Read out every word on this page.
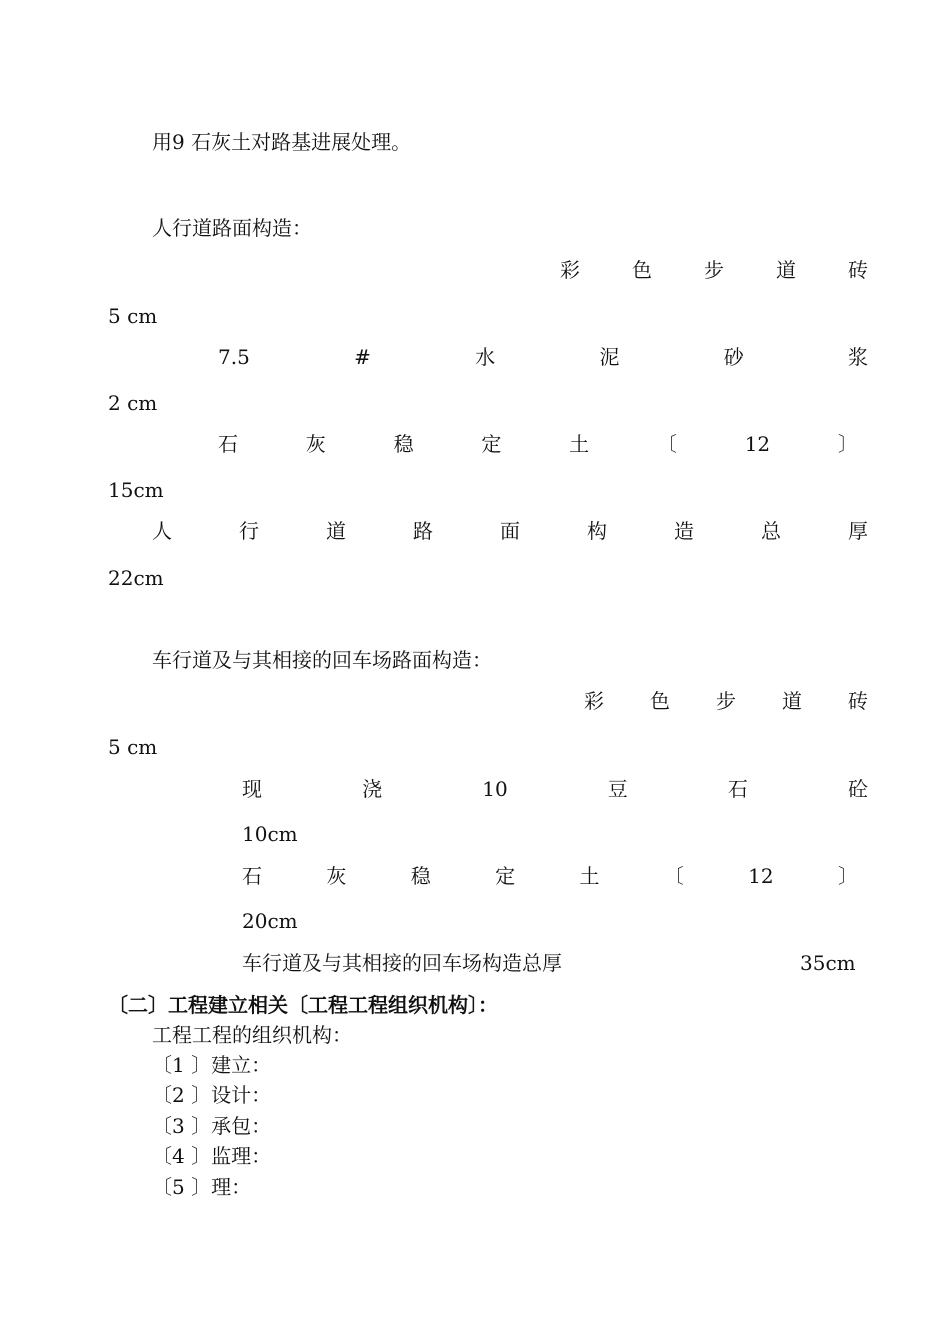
用9 石灰土对路基进展处理。
人行道路面构造：
彩	色	步	道	砖
5 cm
7.5	#	水	泥	砂	浆
2 cm
石	灰	稳	定	土	〔	12	〕
15cm
人	行	道	路	面	构	造	总	厚
22cm
车行道及与其相接的回车场路面构造：
彩 色 步 道 砖
5 cm
现	浇	10	豆	石	砼
10cm
石	灰	稳	定	土	〔	12	〕
20cm
车行道及与其相接的回车场构造总厚	35cm
〔二〕工程建立相关〔工程工程组织机构〕：
工程工程的组织机构：
〔1 〕建立：
〔2 〕设计：
〔3 〕承包：
〔4 〕监理：
〔5 〕理：
